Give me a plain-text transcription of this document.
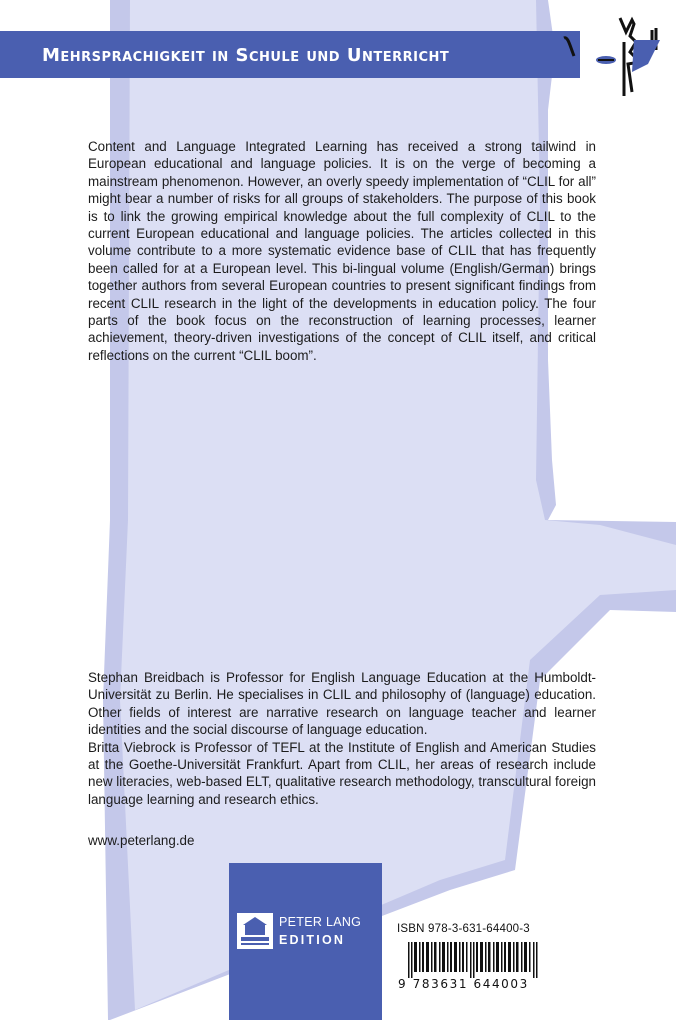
Mehrsprachigkeit in Schule und Unterricht
Content and Language Integrated Learning has received a strong tailwind in European educational and language policies. It is on the verge of becoming a mainstream phenomenon. However, an overly speedy implementation of “CLIL for all” might bear a number of risks for all groups of stakeholders. The purpose of this book is to link the growing empirical knowledge about the full complexity of CLIL to the current European educational and language policies. The articles collected in this volume contribute to a more systematic evidence base of CLIL that has frequently been called for at a European level. This bi-lingual volume (English/German) brings together authors from several European countries to present significant findings from recent CLIL research in the light of the developments in education policy. The four parts of the book focus on the reconstruction of learning processes, learner achievement, theory-driven investigations of the concept of CLIL itself, and critical reflections on the current “CLIL boom”.

Stephan Breidbach is Professor for English Language Education at the Humboldt-Universität zu Berlin. He specialises in CLIL and philosophy of (language) education. Other fields of interest are narrative research on language teacher and learner identities and the social discourse of language education.

Britta Viebrock is Professor of TEFL at the Institute of English and American Studies at the Goethe-Universität Frankfurt. Apart from CLIL, her areas of research include new literacies, web-based ELT, qualitative research methodology, transcultural foreign language learning and research ethics.

www.peterlang.de
PETER LANG
EDITION
ISBN 978-3-631-64400-3
9 783631 644003
